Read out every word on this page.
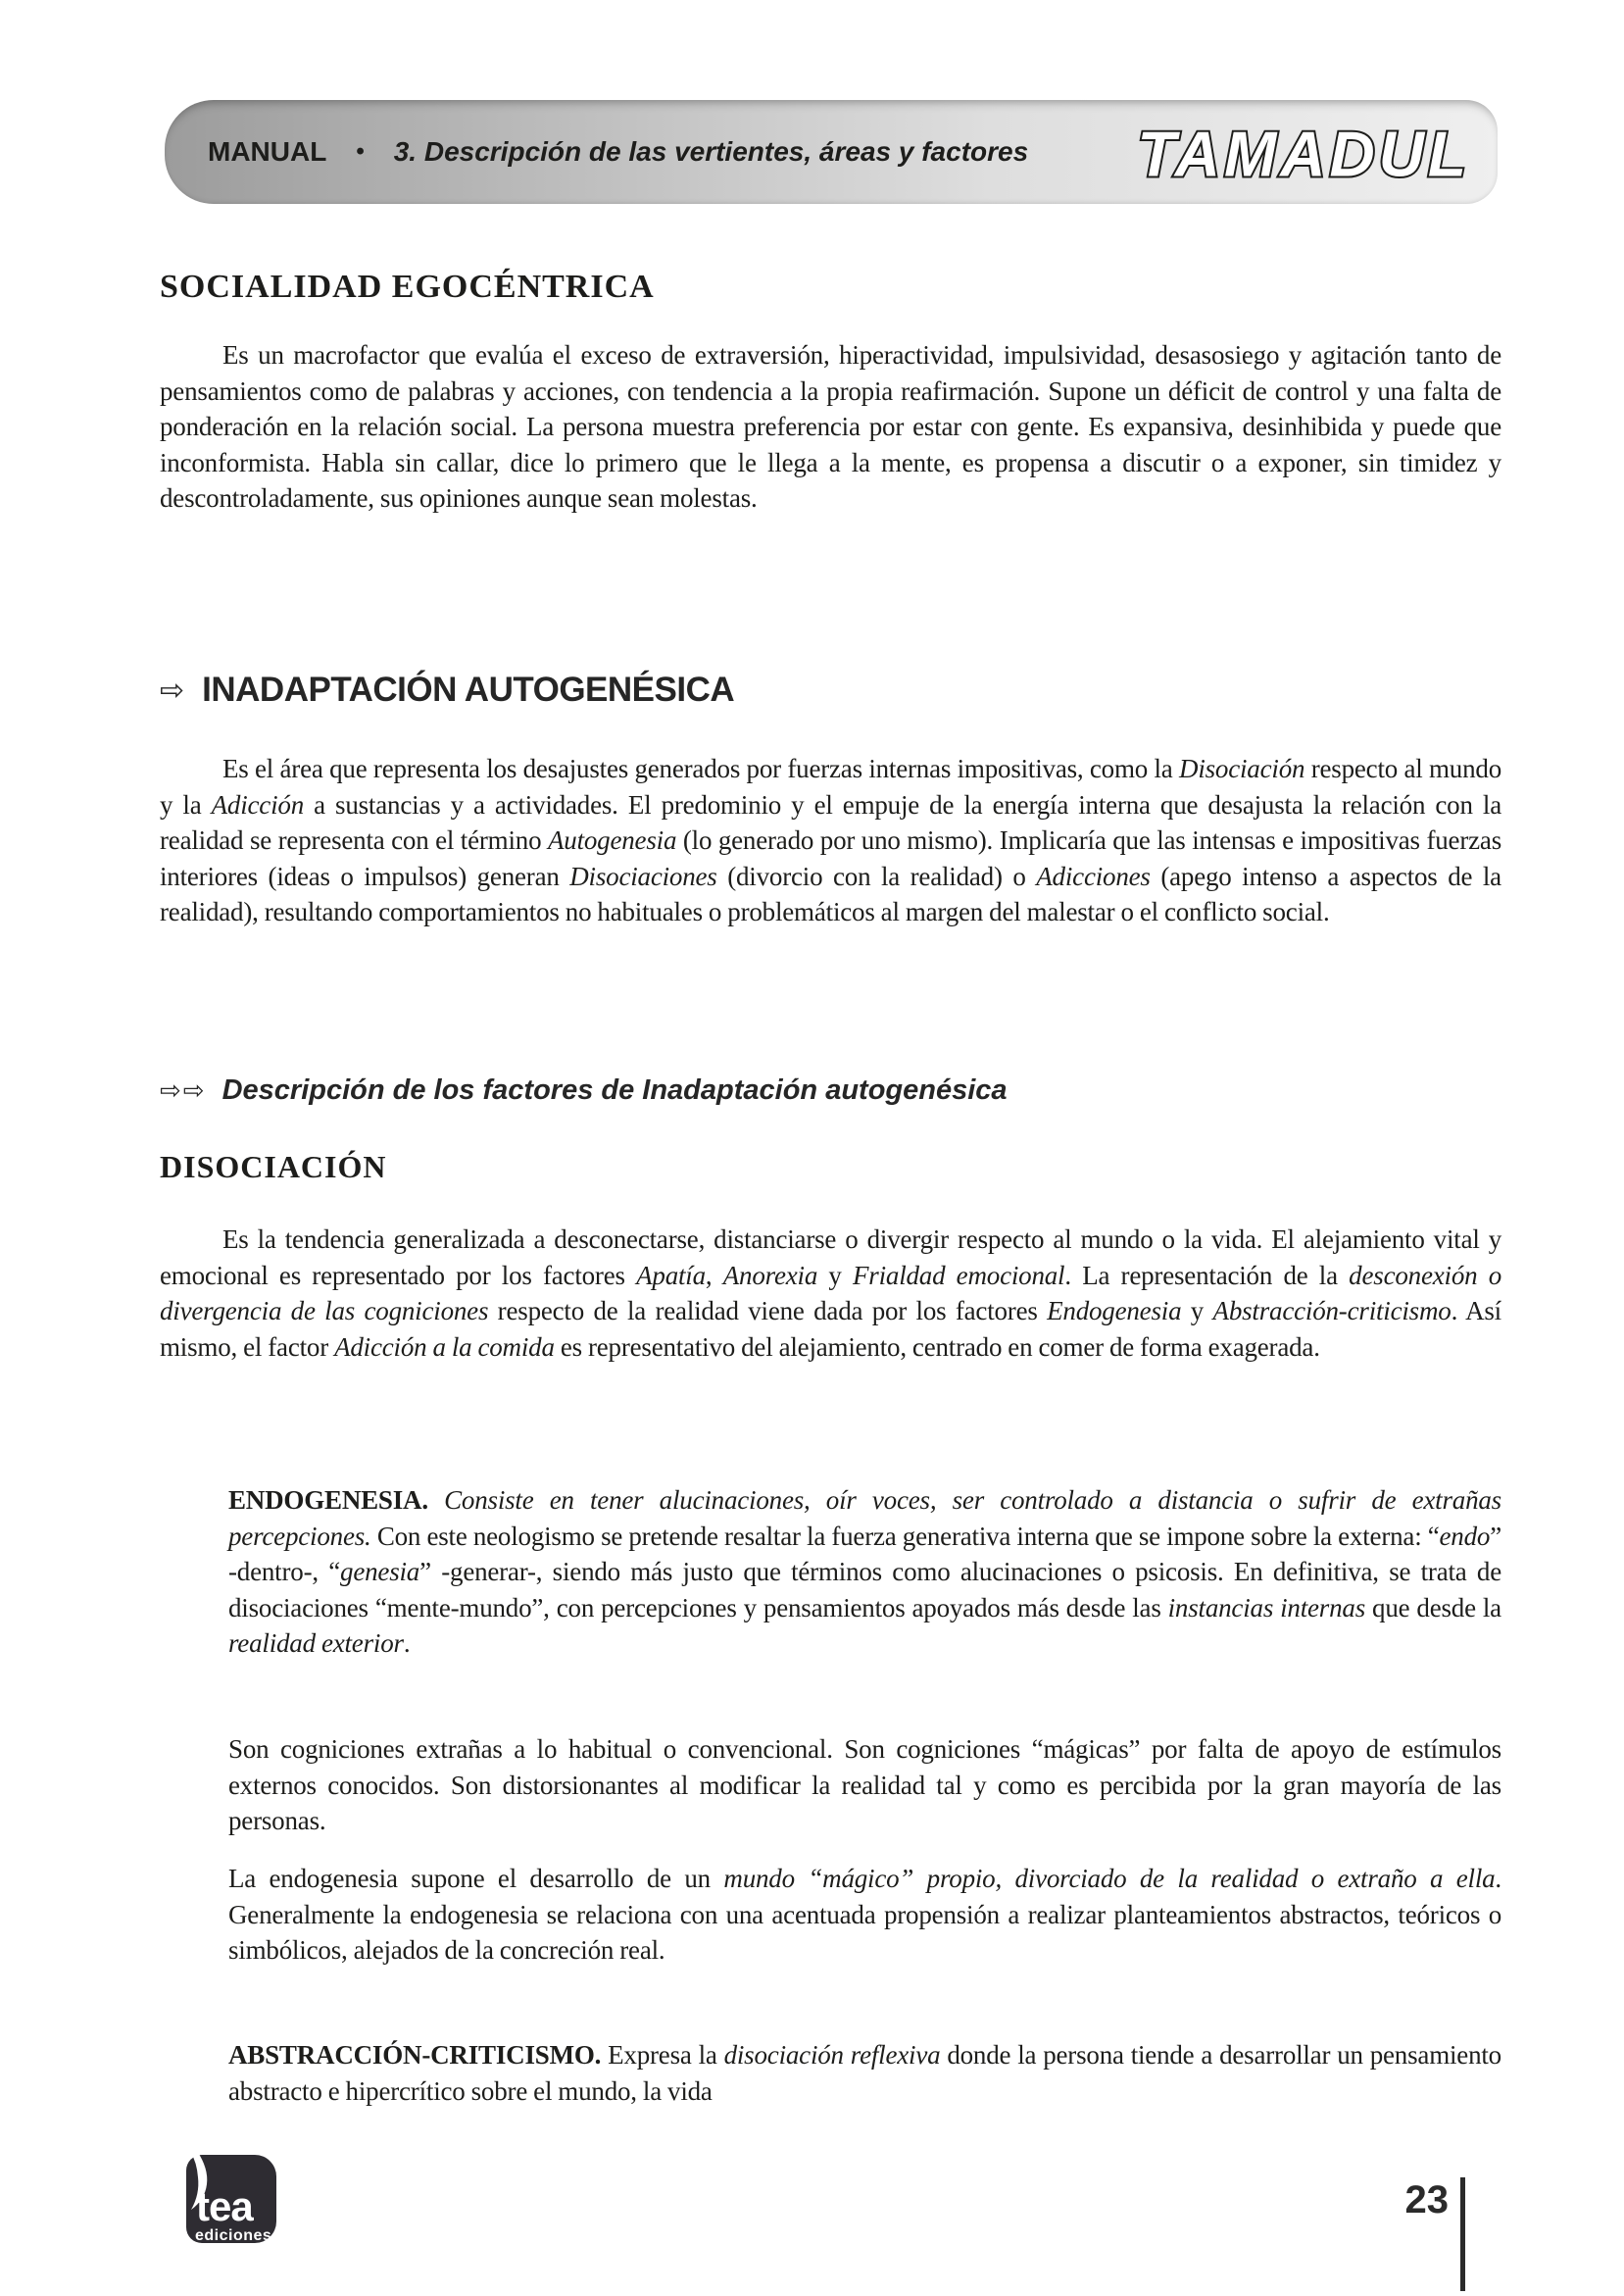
MANUAL • 3. Descripción de las vertientes, áreas y factores TAMADUL
SOCIALIDAD EGOCÉNTRICA

Es un macrofactor que evalúa el exceso de extraversión, hiperactividad, impulsividad, desasosiego y agitación tanto de pensamientos como de palabras y acciones, con tendencia a la propia reafirmación. Supone un déficit de control y una falta de ponderación en la relación social. La persona muestra preferencia por estar con gente. Es expansiva, desinhibida y puede que inconformista. Habla sin callar, dice lo primero que le llega a la mente, es propensa a discutir o a exponer, sin timidez y descontroladamente, sus opiniones aunque sean molestas.

⇨ INADAPTACIÓN AUTOGENÉSICA

Es el área que representa los desajustes generados por fuerzas internas impositivas, como la Disociación respecto al mundo y la Adicción a sustancias y a actividades. El predominio y el empuje de la energía interna que desajusta la relación con la realidad se representa con el término Autogenesia (lo generado por uno mismo). Implicaría que las intensas e impositivas fuerzas interiores (ideas o impulsos) generan Disociaciones (divorcio con la realidad) o Adicciones (apego intenso a aspectos de la realidad), resultando comportamientos no habituales o problemáticos al margen del malestar o el conflicto social.

⇨⇨ Descripción de los factores de Inadaptación autogenésica
DISOCIACIÓN

Es la tendencia generalizada a desconectarse, distanciarse o divergir respecto al mundo o la vida. El alejamiento vital y emocional es representado por los factores Apatía, Anorexia y Frialdad emocional. La representación de la desconexión o divergencia de las cogniciones respecto de la realidad viene dada por los factores Endogenesia y Abstracción-criticismo. Así mismo, el factor Adicción a la comida es representativo del alejamiento, centrado en comer de forma exagerada.

ENDOGENESIA. Consiste en tener alucinaciones, oír voces, ser controlado a distancia o sufrir de extrañas percepciones. Con este neologismo se pretende resaltar la fuerza generativa interna que se impone sobre la externa: “endo” -dentro-, “genesia” -generar-, siendo más justo que términos como alucinaciones o psicosis. En definitiva, se trata de disociaciones “mente-mundo”, con percepciones y pensamientos apoyados más desde las instancias internas que desde la realidad exterior.

Son cogniciones extrañas a lo habitual o convencional. Son cogniciones “mágicas” por falta de apoyo de estímulos externos conocidos. Son distorsionantes al modificar la realidad tal y como es percibida por la gran mayoría de las personas.

La endogenesia supone el desarrollo de un mundo “mágico” propio, divorciado de la realidad o extraño a ella. Generalmente la endogenesia se relaciona con una acentuada propensión a realizar planteamientos abstractos, teóricos o simbólicos, alejados de la concreción real.

ABSTRACCIÓN-CRITICISMO. Expresa la disociación reflexiva donde la persona tiende a desarrollar un pensamiento abstracto e hipercrítico sobre el mundo, la vida

tea
ediciones
23
